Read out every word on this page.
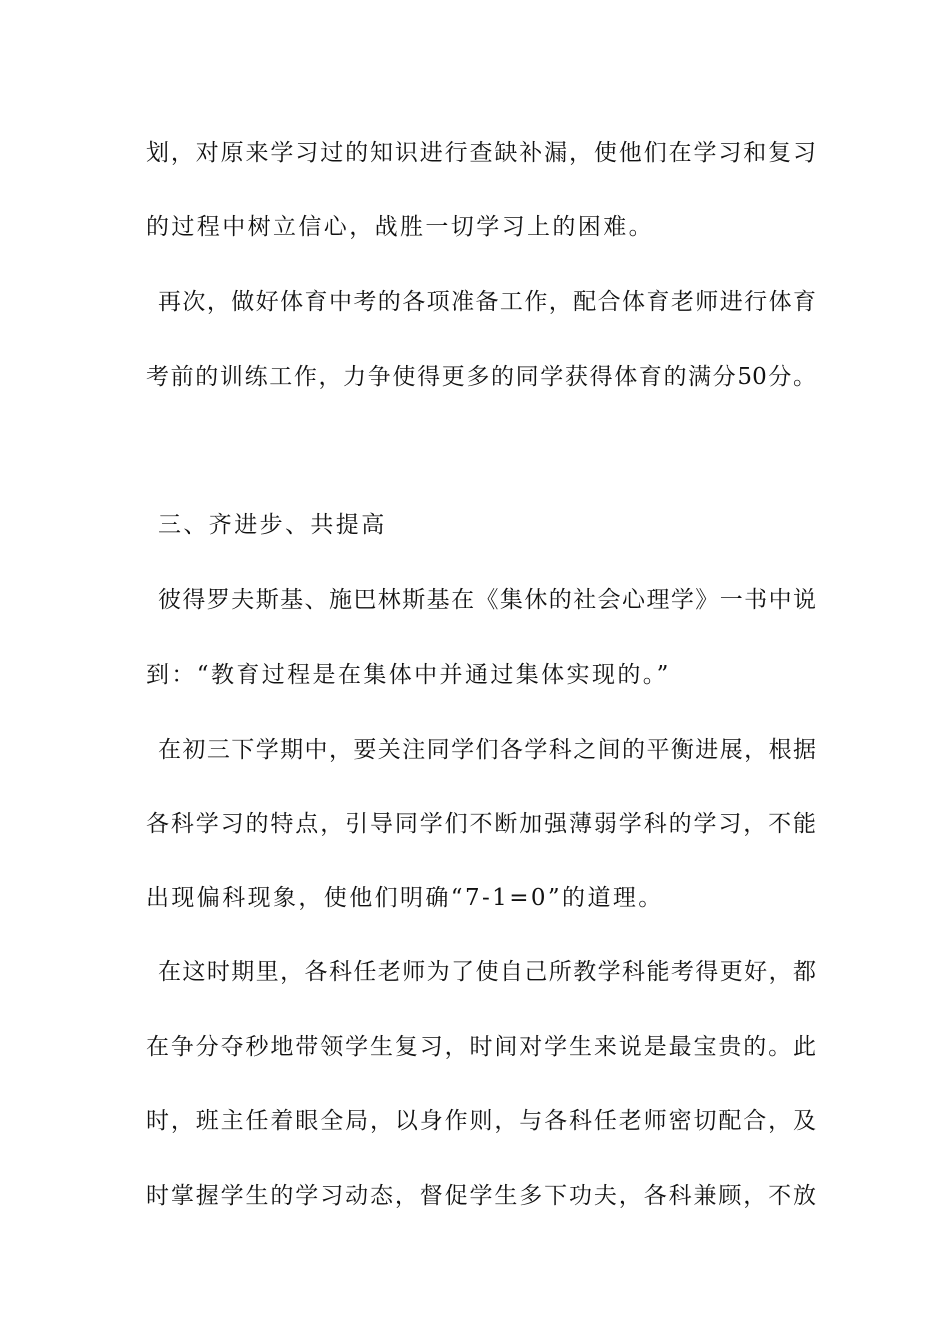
划，对原来学习过的知识进行查缺补漏，使他们在学习和复习
的过程中树立信心，战胜一切学习上的困难。
再次，做好体育中考的各项准备工作，配合体育老师进行体育
考前的训练工作，力争使得更多的同学获得体育的满分50分。
三、齐进步、共提高
彼得罗夫斯基、施巴林斯基在《集休的社会心理学》一书中说
到：“教育过程是在集体中并通过集体实现的。”
在初三下学期中，要关注同学们各学科之间的平衡进展，根据
各科学习的特点，引导同学们不断加强薄弱学科的学习，不能
出现偏科现象，使他们明确“7-1=0”的道理。
在这时期里，各科任老师为了使自己所教学科能考得更好，都
在争分夺秒地带领学生复习，时间对学生来说是最宝贵的。此
时，班主任着眼全局，以身作则，与各科任老师密切配合，及
时掌握学生的学习动态，督促学生多下功夫，各科兼顾，不放
